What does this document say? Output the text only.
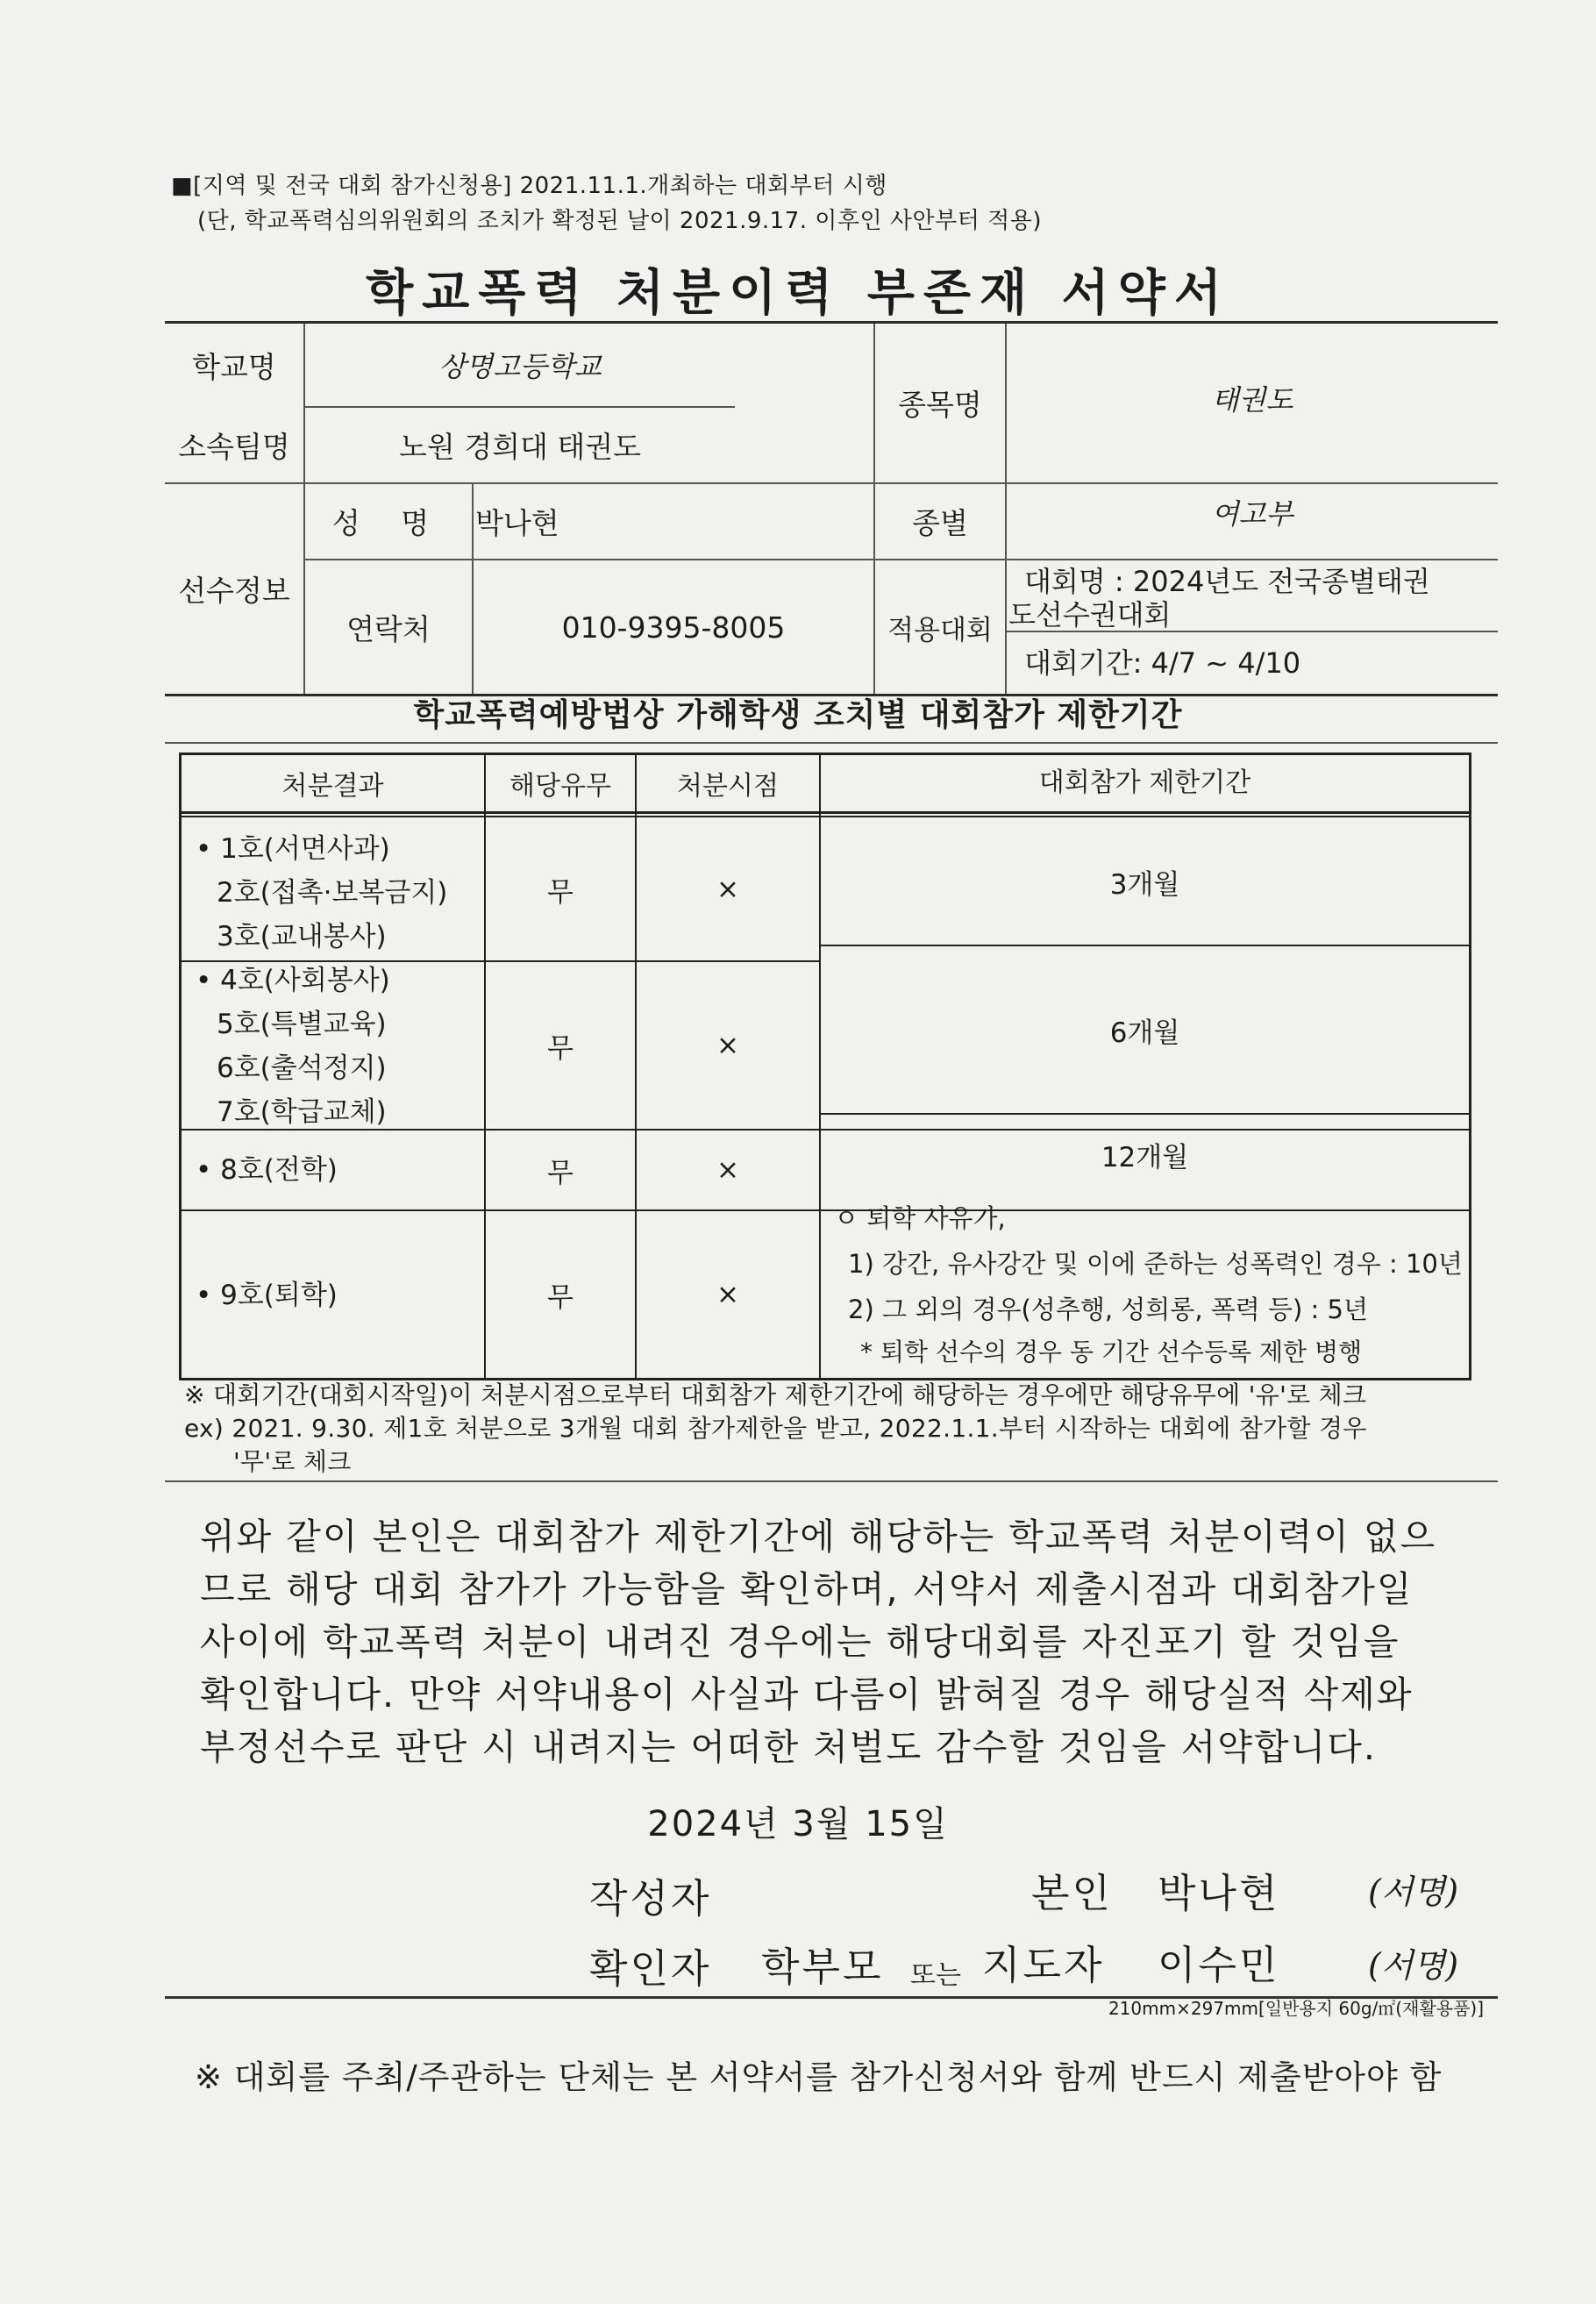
■[지역 및 전국 대회 참가신청용] 2021.11.1.개최하는 대회부터 시행
(단, 학교폭력심의위원회의 조치가 확정된 날이 2021.9.17. 이후인 사안부터 적용)
학교폭력 처분이력 부존재 서약서
학교명	상명고등학교
소속팀명	노원 경희대 태권도
종목명	태권도
선수정보
성 명	박나현	종별	여고부
연락처	010-9395-8005	적용대회
대회명 : 2024년도 전국종별태권
도선수권대회
대회기간: 4/7 ~ 4/10
학교폭력예방법상 가해학생 조치별 대회참가 제한기간
처분결과	해당유무	처분시점	대회참가 제한기간
• 1호(서면사과)
2호(접촉·보복금지)
3호(교내봉사)
무	×	3개월
• 4호(사회봉사)
5호(특별교육)
6호(출석정지)
7호(학급교체)
무	×	6개월
• 8호(전학)	무	×	12개월
• 9호(퇴학)	무	×
ㅇ 퇴학 사유가,
1) 강간, 유사강간 및 이에 준하는 성폭력인 경우 : 10년
2) 그 외의 경우(성추행, 성희롱, 폭력 등) : 5년
* 퇴학 선수의 경우 동 기간 선수등록 제한 병행
※ 대회기간(대회시작일)이 처분시점으로부터 대회참가 제한기간에 해당하는 경우에만 해당유무에 '유'로 체크
ex) 2021. 9.30. 제1호 처분으로 3개월 대회 참가제한을 받고, 2022.1.1.부터 시작하는 대회에 참가할 경우
'무'로 체크
위와 같이 본인은 대회참가 제한기간에 해당하는 학교폭력 처분이력이 없으
므로 해당 대회 참가가 가능함을 확인하며, 서약서 제출시점과 대회참가일
사이에 학교폭력 처분이 내려진 경우에는 해당대회를 자진포기 할 것임을
확인합니다. 만약 서약내용이 사실과 다름이 밝혀질 경우 해당실적 삭제와
부정선수로 판단 시 내려지는 어떠한 처벌도 감수할 것임을 서약합니다.
2024년 3월 15일
작성자	본인 박나현	(서명)
확인자 학부모 또는 지도자 이수민	(서명)
210mm×297mm[일반용지 60g/㎡(재활용품)]
※ 대회를 주최/주관하는 단체는 본 서약서를 참가신청서와 함께 반드시 제출받아야 함
